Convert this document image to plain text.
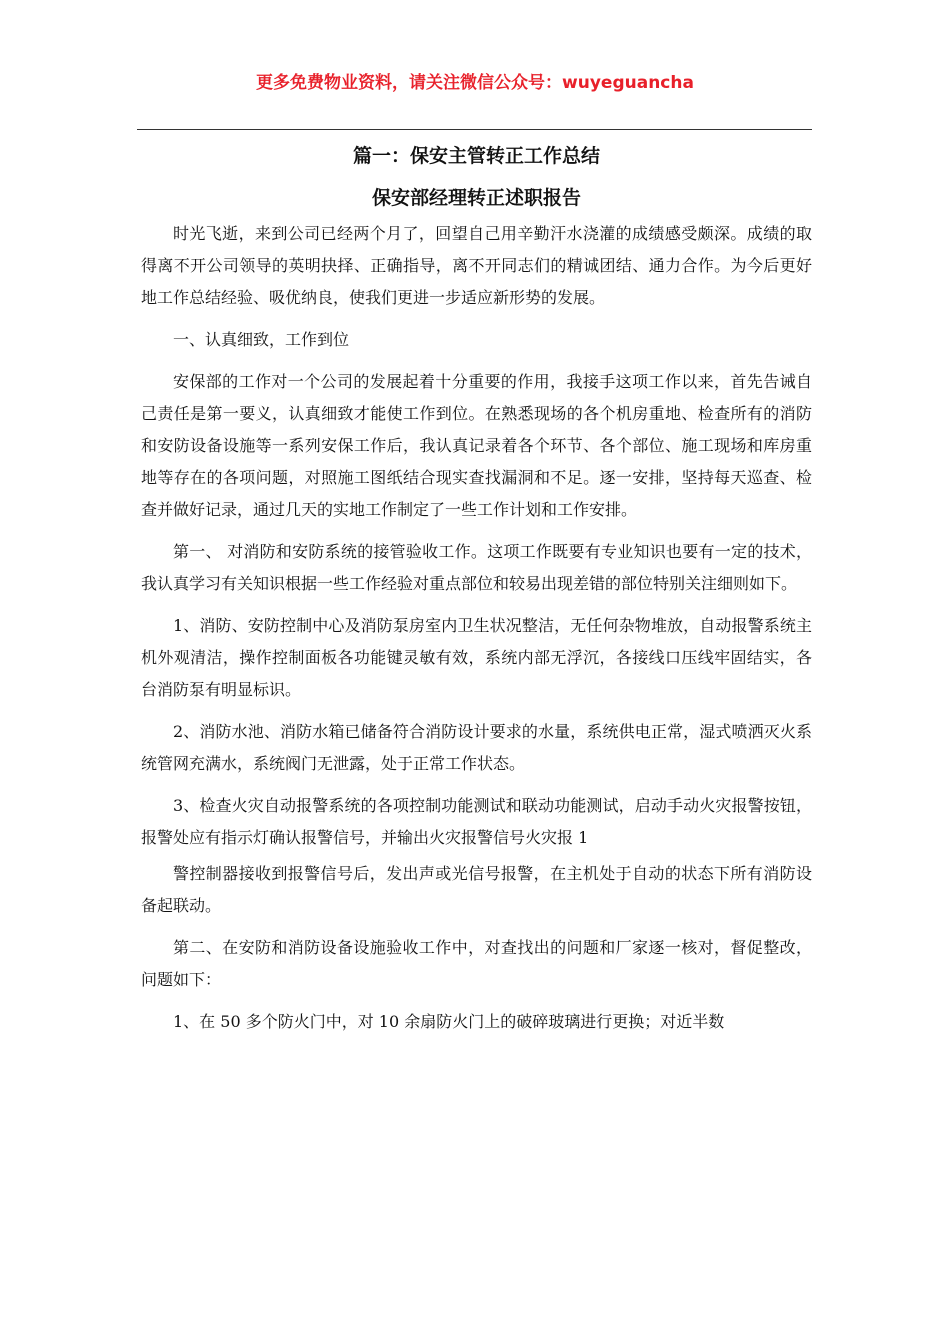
更多免费物业资料，请关注微信公众号：wuyeguancha
篇一：保安主管转正工作总结
保安部经理转正述职报告

时光飞逝，来到公司已经两个月了，回望自己用辛勤汗水浇灌的成绩感受颇深。成绩的取得离不开公司领导的英明抉择、正确指导，离不开同志们的精诚团结、通力合作。为今后更好地工作总结经验、吸优纳良，使我们更进一步适应新形势的发展。

一、认真细致，工作到位

安保部的工作对一个公司的发展起着十分重要的作用，我接手这项工作以来，首先告诫自己责任是第一要义，认真细致才能使工作到位。在熟悉现场的各个机房重地、检查所有的消防和安防设备设施等一系列安保工作后，我认真记录着各个环节、各个部位、施工现场和库房重地等存在的各项问题，对照施工图纸结合现实查找漏洞和不足。逐一安排，坚持每天巡查、检查并做好记录，通过几天的实地工作制定了一些工作计划和工作安排。

第一、 对消防和安防系统的接管验收工作。这项工作既要有专业知识也要有一定的技术，我认真学习有关知识根据一些工作经验对重点部位和较易出现差错的部位特别关注细则如下。

1、消防、安防控制中心及消防泵房室内卫生状况整洁，无任何杂物堆放，自动报警系统主机外观清洁，操作控制面板各功能键灵敏有效，系统内部无浮沉，各接线口压线牢固结实，各台消防泵有明显标识。

2、消防水池、消防水箱已储备符合消防设计要求的水量，系统供电正常，湿式喷洒灭火系统管网充满水，系统阀门无泄露，处于正常工作状态。

3、检查火灾自动报警系统的各项控制功能测试和联动功能测试，启动手动火灾报警按钮，报警处应有指示灯确认报警信号，并输出火灾报警信号火灾报 1

警控制器接收到报警信号后，发出声或光信号报警，在主机处于自动的状态下所有消防设备起联动。

第二、在安防和消防设备设施验收工作中，对查找出的问题和厂家逐一核对，督促整改，问题如下：

1、在 50 多个防火门中，对 10 余扇防火门上的破碎玻璃进行更换；对近半数
